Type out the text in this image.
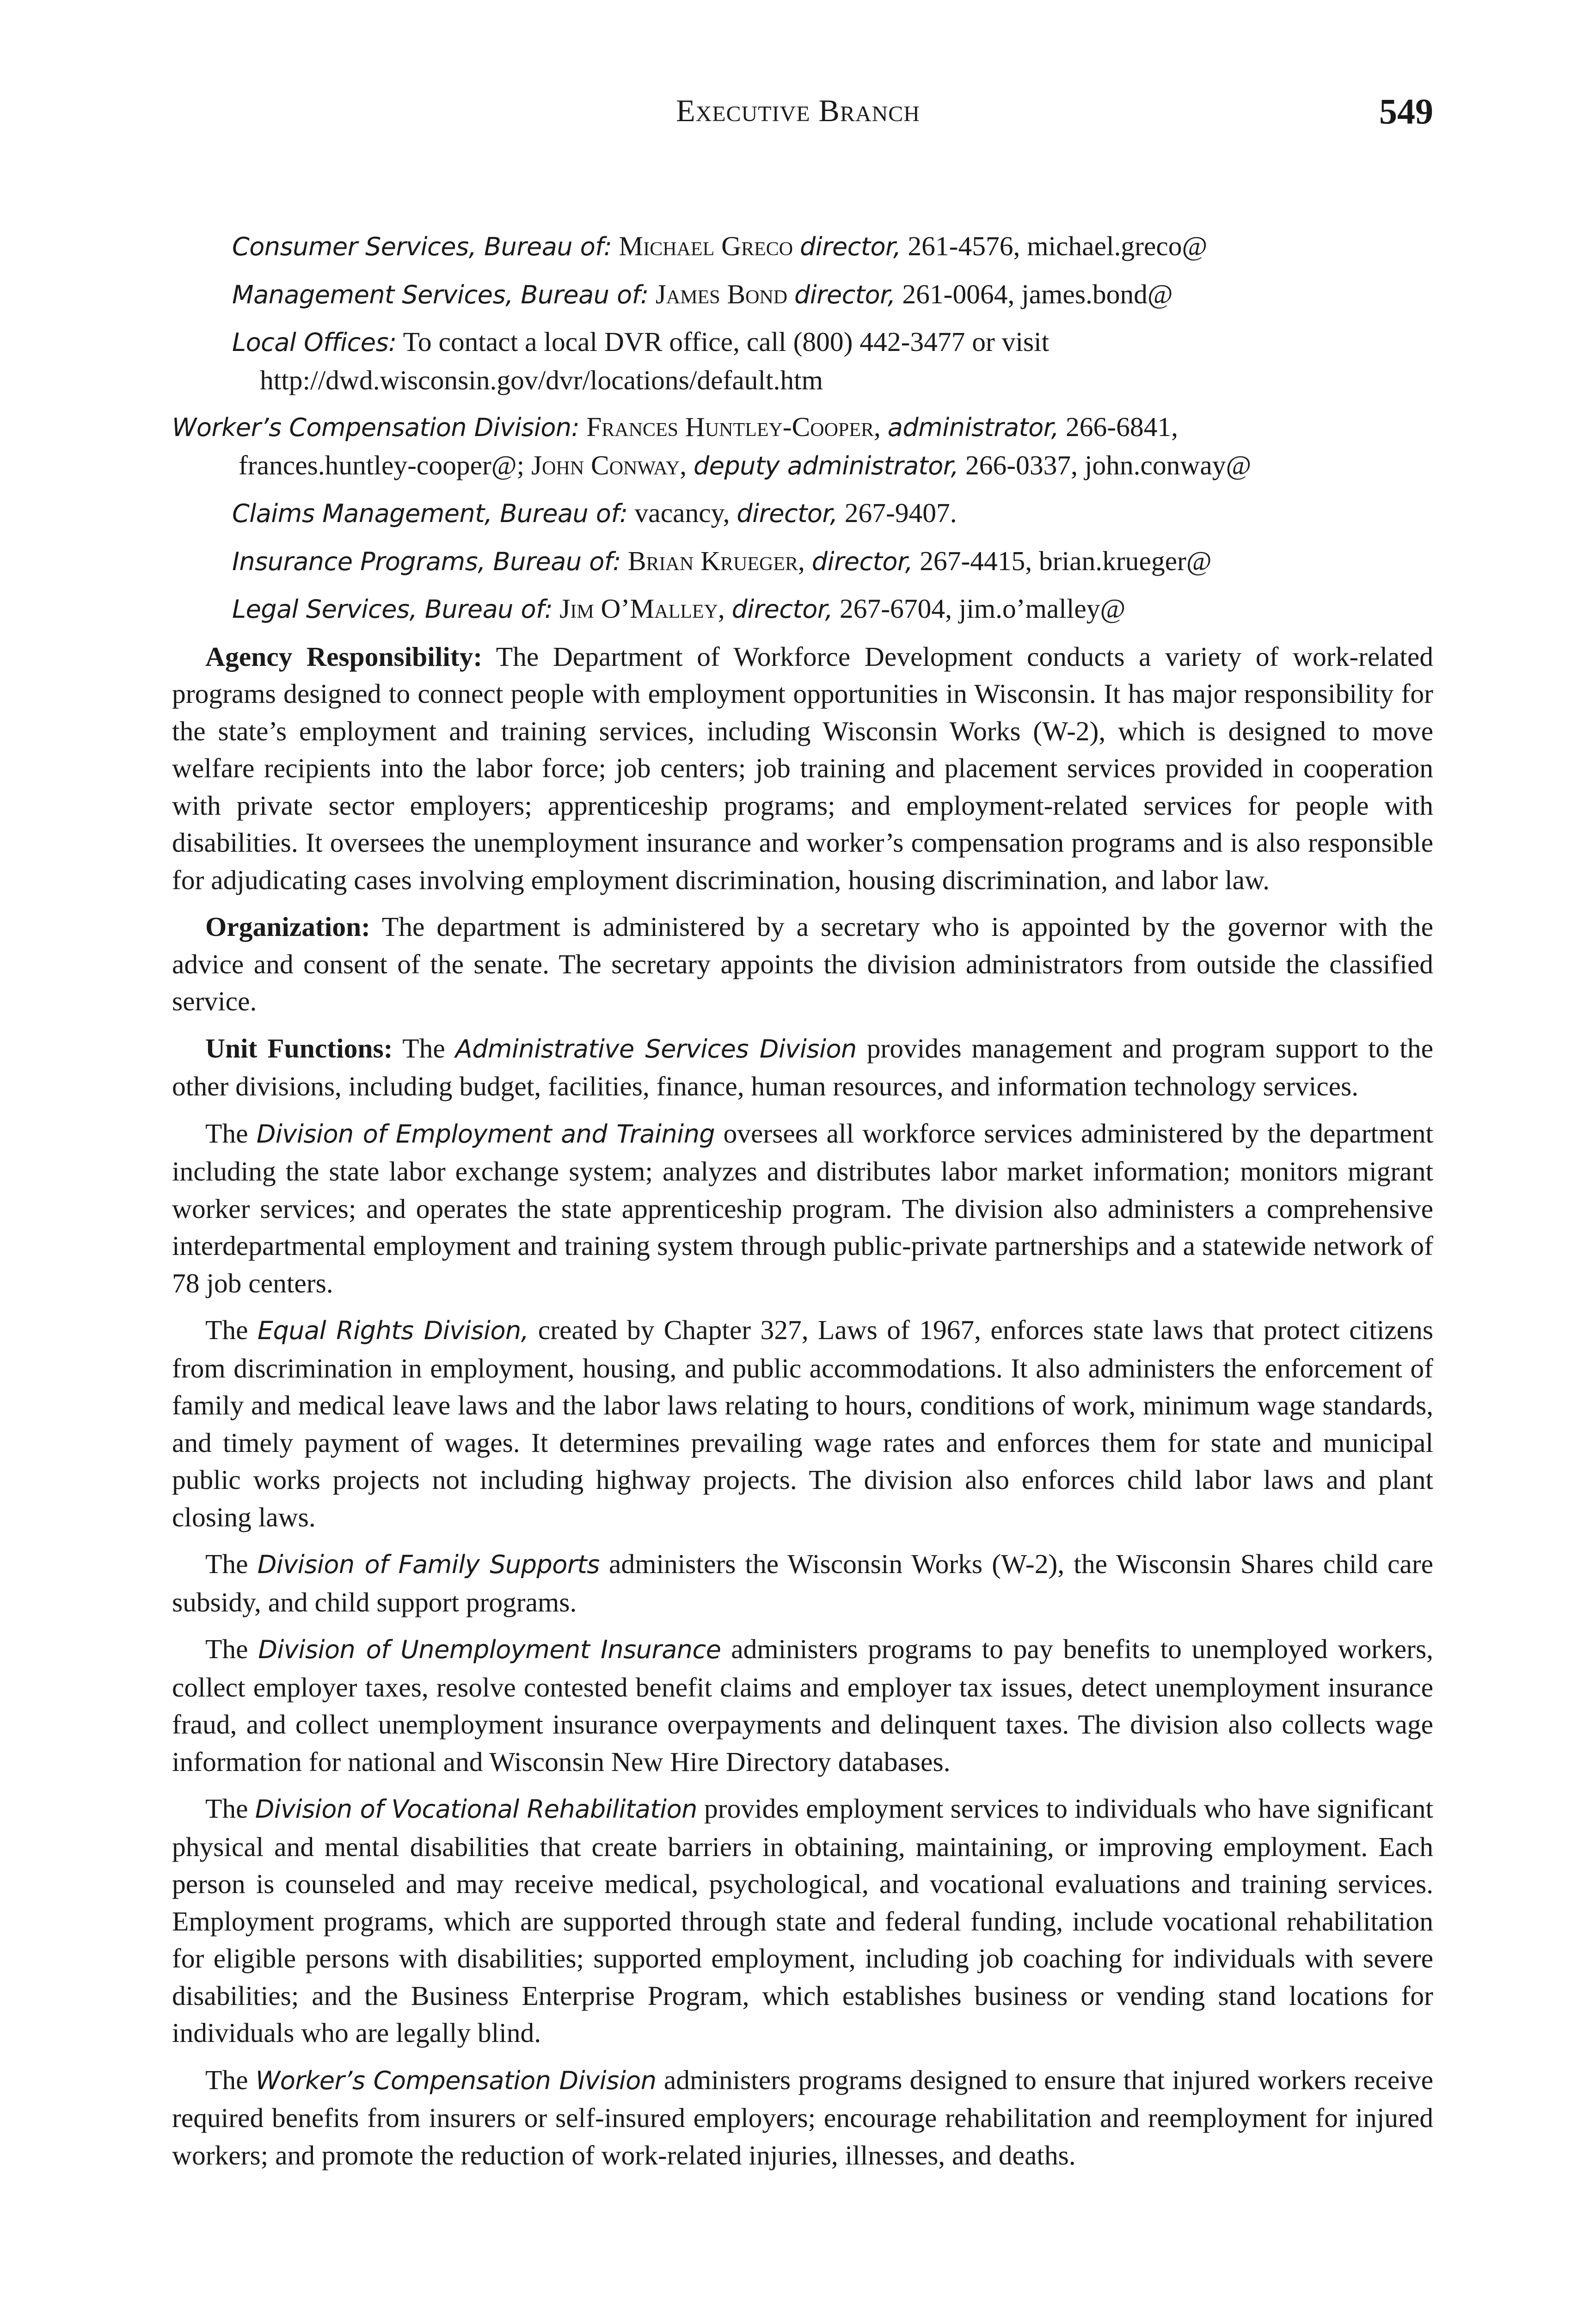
Executive Branch	549
Consumer Services, Bureau of: Michael Greco director, 261-4576, michael.greco@
Management Services, Bureau of: James Bond director, 261-0064, james.bond@
Local Offices: To contact a local DVR office, call (800) 442-3477 or visit
http://dwd.wisconsin.gov/dvr/locations/default.htm
Worker’s Compensation Division: Frances Huntley-Cooper, administrator, 266-6841,
frances.huntley-cooper@; John Conway, deputy administrator, 266-0337, john.conway@
Claims Management, Bureau of: vacancy, director, 267-9407.
Insurance Programs, Bureau of: Brian Krueger, director, 267-4415, brian.krueger@
Legal Services, Bureau of: Jim O’Malley, director, 267-6704, jim.o’malley@

Agency Responsibility: The Department of Workforce Development conducts a variety of work-related programs designed to connect people with employment opportunities in Wisconsin. It has major responsibility for the state’s employment and training services, including Wisconsin Works (W-2), which is designed to move welfare recipients into the labor force; job centers; job training and placement services provided in cooperation with private sector employers; apprenticeship programs; and employment-related services for people with disabilities. It oversees the unemployment insurance and worker’s compensation programs and is also responsible for adjudicating cases involving employment discrimination, housing discrimination, and labor law.

Organization: The department is administered by a secretary who is appointed by the governor with the advice and consent of the senate. The secretary appoints the division administrators from outside the classified service.

Unit Functions: The Administrative Services Division provides management and program support to the other divisions, including budget, facilities, finance, human resources, and information technology services.

The Division of Employment and Training oversees all workforce services administered by the department including the state labor exchange system; analyzes and distributes labor market information; monitors migrant worker services; and operates the state apprenticeship program. The division also administers a comprehensive interdepartmental employment and training system through public-private partnerships and a statewide network of 78 job centers.

The Equal Rights Division, created by Chapter 327, Laws of 1967, enforces state laws that protect citizens from discrimination in employment, housing, and public accommodations. It also administers the enforcement of family and medical leave laws and the labor laws relating to hours, conditions of work, minimum wage standards, and timely payment of wages. It determines prevailing wage rates and enforces them for state and municipal public works projects not including highway projects. The division also enforces child labor laws and plant closing laws.

The Division of Family Supports administers the Wisconsin Works (W-2), the Wisconsin Shares child care subsidy, and child support programs.

The Division of Unemployment Insurance administers programs to pay benefits to unemployed workers, collect employer taxes, resolve contested benefit claims and employer tax issues, detect unemployment insurance fraud, and collect unemployment insurance overpayments and delinquent taxes. The division also collects wage information for national and Wisconsin New Hire Directory databases.

The Division of Vocational Rehabilitation provides employment services to individuals who have significant physical and mental disabilities that create barriers in obtaining, maintaining, or improving employment. Each person is counseled and may receive medical, psychological, and vocational evaluations and training services. Employment programs, which are supported through state and federal funding, include vocational rehabilitation for eligible persons with disabilities; supported employment, including job coaching for individuals with severe disabilities; and the Business Enterprise Program, which establishes business or vending stand locations for individuals who are legally blind.

The Worker’s Compensation Division administers programs designed to ensure that injured workers receive required benefits from insurers or self-insured employers; encourage rehabilitation and reemployment for injured workers; and promote the reduction of work-related injuries, illnesses, and deaths.
